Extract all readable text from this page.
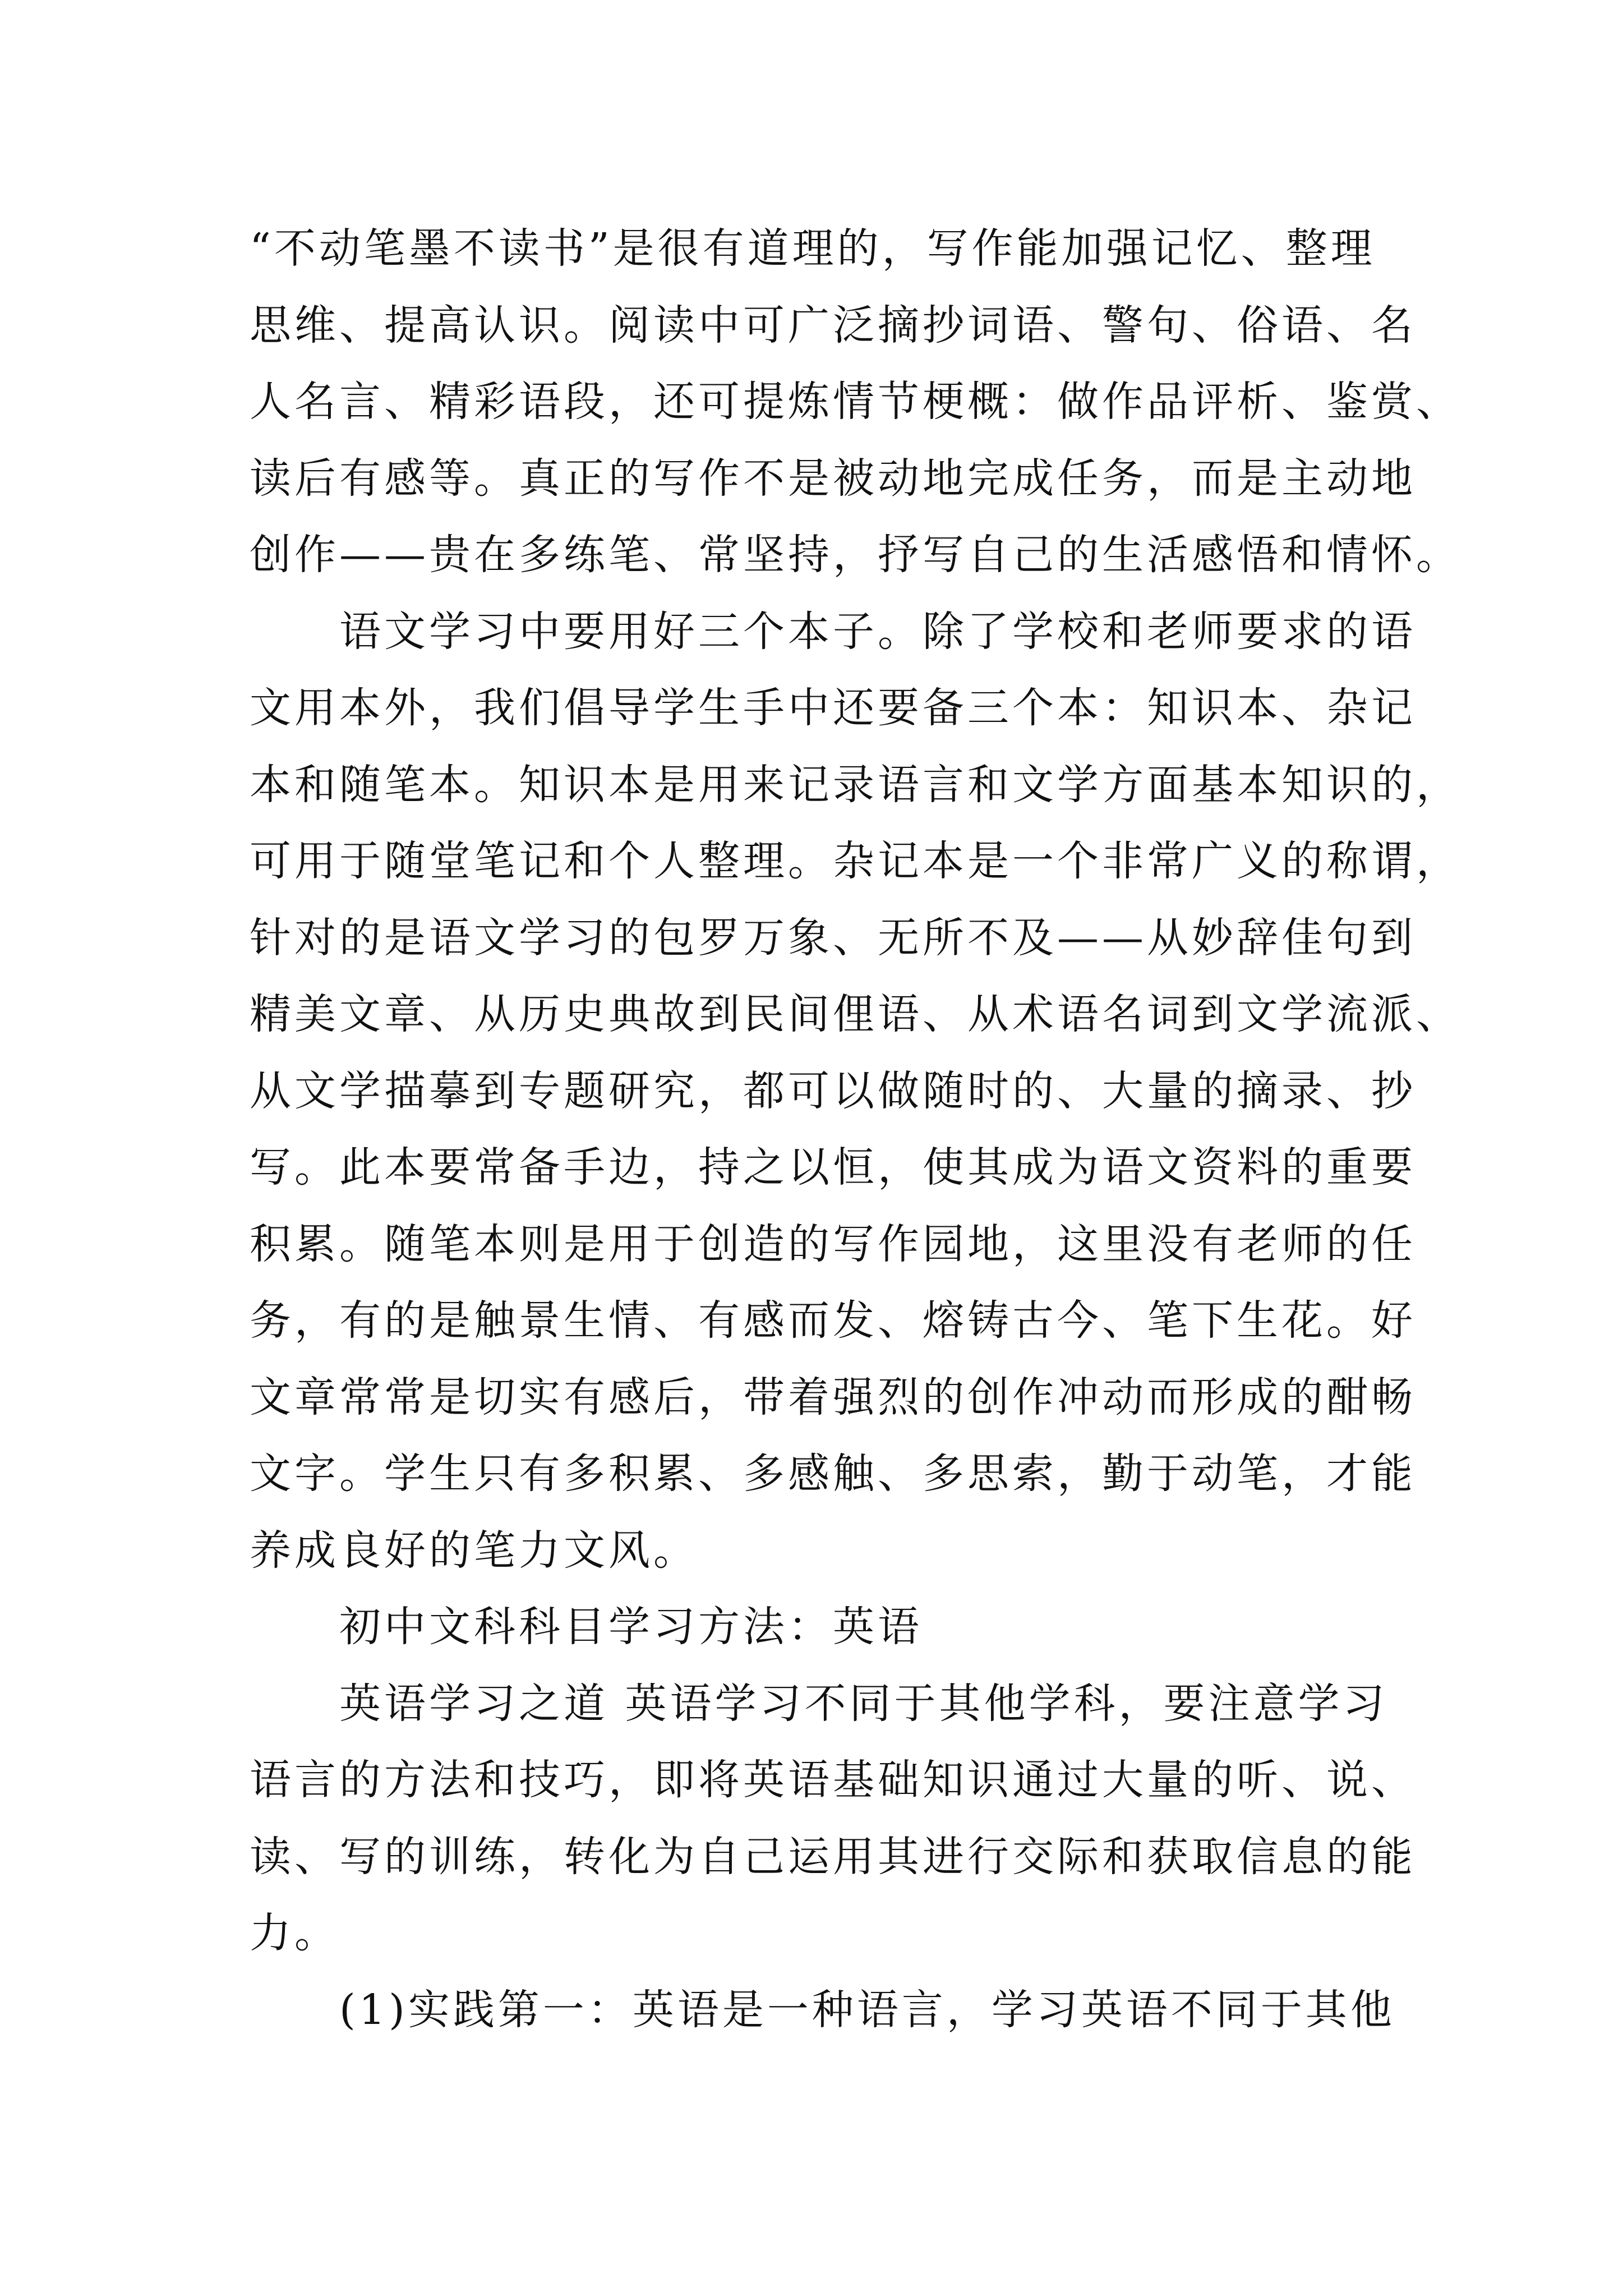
“不动笔墨不读书”是很有道理的，写作能加强记忆、整理
思维、提高认识。阅读中可广泛摘抄词语、警句、俗语、名
人名言、精彩语段，还可提炼情节梗概：做作品评析、鉴赏、
读后有感等。真正的写作不是被动地完成任务，而是主动地
创作——贵在多练笔、常坚持，抒写自己的生活感悟和情怀。
语文学习中要用好三个本子。除了学校和老师要求的语
文用本外，我们倡导学生手中还要备三个本：知识本、杂记
本和随笔本。知识本是用来记录语言和文学方面基本知识的，
可用于随堂笔记和个人整理。杂记本是一个非常广义的称谓，
针对的是语文学习的包罗万象、无所不及——从妙辞佳句到
精美文章、从历史典故到民间俚语、从术语名词到文学流派、
从文学描摹到专题研究，都可以做随时的、大量的摘录、抄
写。此本要常备手边，持之以恒，使其成为语文资料的重要
积累。随笔本则是用于创造的写作园地，这里没有老师的任
务，有的是触景生情、有感而发、熔铸古今、笔下生花。好
文章常常是切实有感后，带着强烈的创作冲动而形成的酣畅
文字。学生只有多积累、多感触、多思索，勤于动笔，才能
养成良好的笔力文风。
初中文科科目学习方法：英语
英语学习之道 英语学习不同于其他学科，要注意学习
语言的方法和技巧，即将英语基础知识通过大量的听、说、
读、写的训练，转化为自己运用其进行交际和获取信息的能
力。
(1)实践第一：英语是一种语言，学习英语不同于其他
